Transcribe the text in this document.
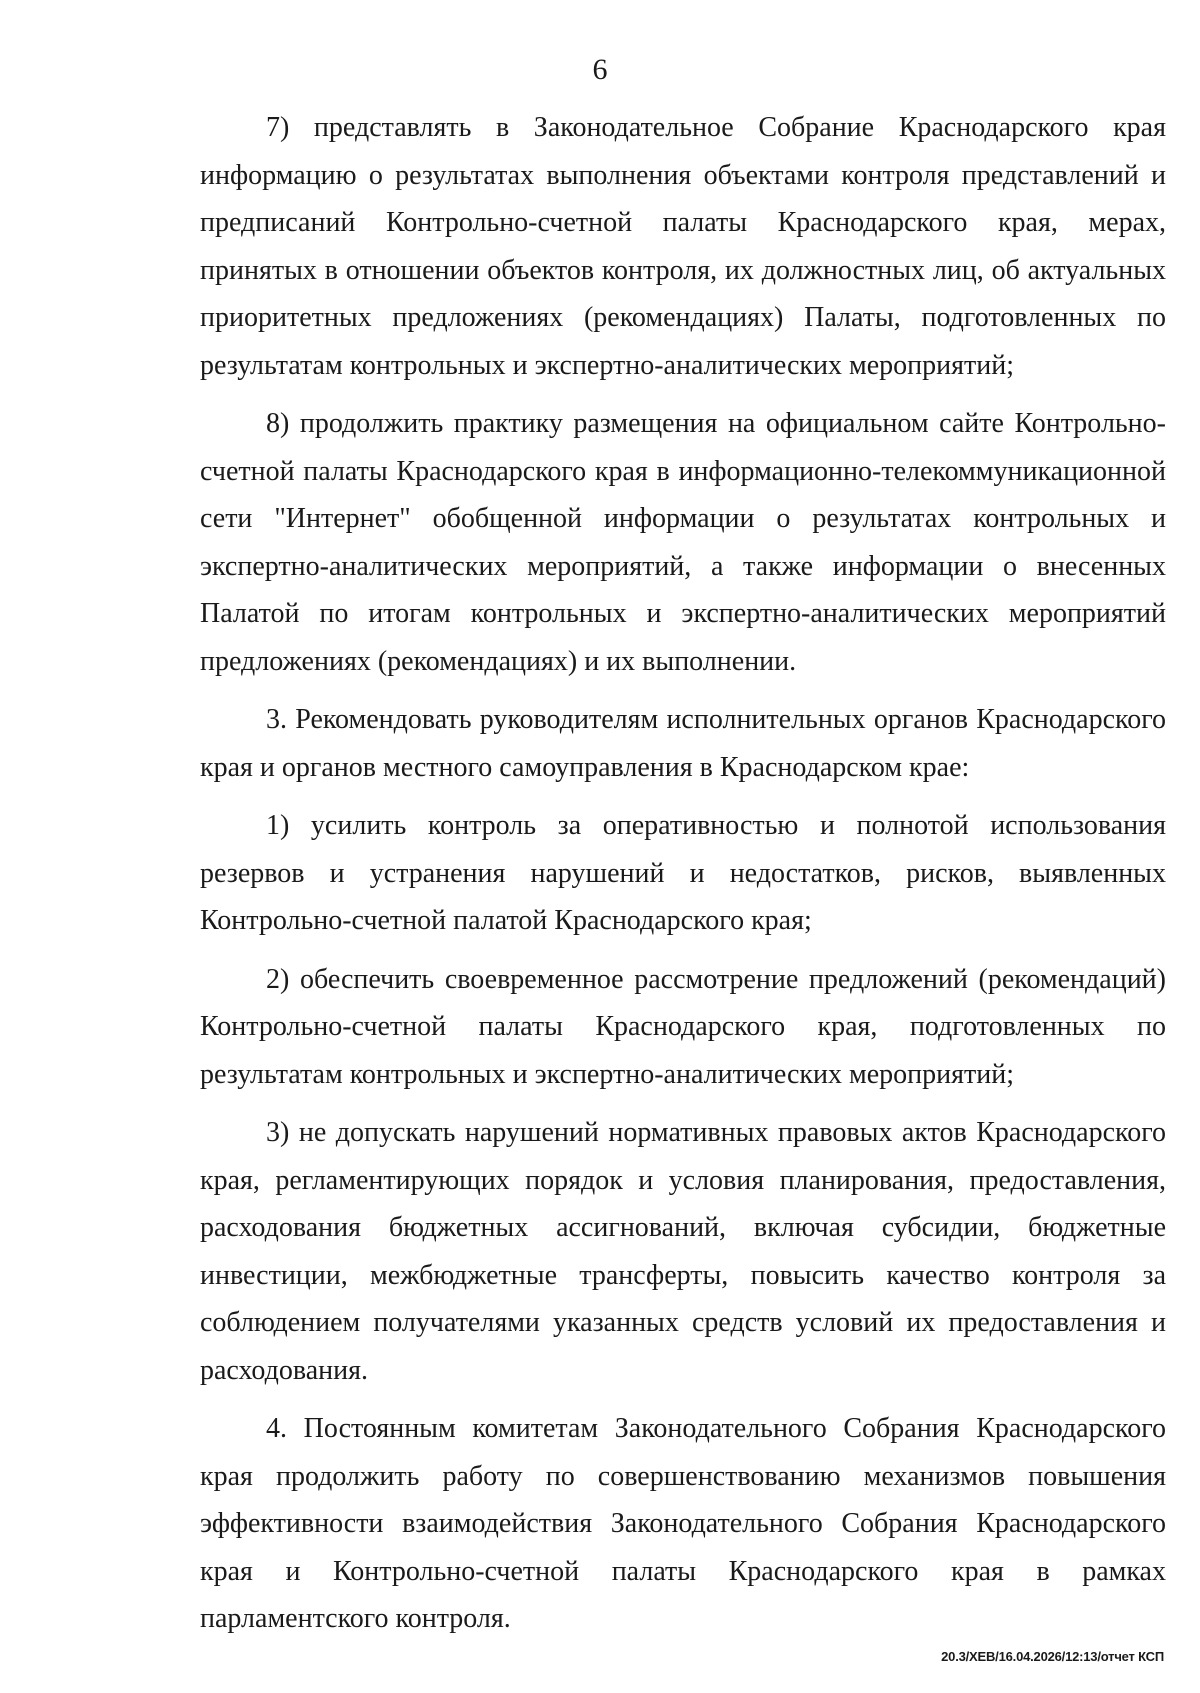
6

7) представлять в Законодательное Собрание Краснодарского края информацию о результатах выполнения объектами контроля представлений и предписаний Контрольно-счетной палаты Краснодарского края, мерах, принятых в отношении объектов контроля, их должностных лиц, об актуальных приоритетных предложениях (рекомендациях) Палаты, подготовленных по результатам контрольных и экспертно-аналитических мероприятий;

8) продолжить практику размещения на официальном сайте Контрольно-счетной палаты Краснодарского края в информационно-телекоммуникационной сети "Интернет" обобщенной информации о результатах контрольных и экспертно-аналитических мероприятий, а также информации о внесенных Палатой по итогам контрольных и экспертно-аналитических мероприятий предложениях (рекомендациях) и их выполнении.

3. Рекомендовать руководителям исполнительных органов Краснодарского края и органов местного самоуправления в Краснодарском крае:

1) усилить контроль за оперативностью и полнотой использования резервов и устранения нарушений и недостатков, рисков, выявленных Контрольно-счетной палатой Краснодарского края;

2) обеспечить своевременное рассмотрение предложений (рекомендаций) Контрольно-счетной палаты Краснодарского края, подготовленных по результатам контрольных и экспертно-аналитических мероприятий;

3) не допускать нарушений нормативных правовых актов Краснодарского края, регламентирующих порядок и условия планирования, предоставления, расходования бюджетных ассигнований, включая субсидии, бюджетные инвестиции, межбюджетные трансферты, повысить качество контроля за соблюдением получателями указанных средств условий их предоставления и расходования.

4. Постоянным комитетам Законодательного Собрания Краснодарского края продолжить работу по совершенствованию механизмов повышения эффективности взаимодействия Законодательного Собрания Краснодарского края и Контрольно-счетной палаты Краснодарского края в рамках парламентского контроля.

20.3/ХЕВ/16.04.2026/12:13/отчет КСП
